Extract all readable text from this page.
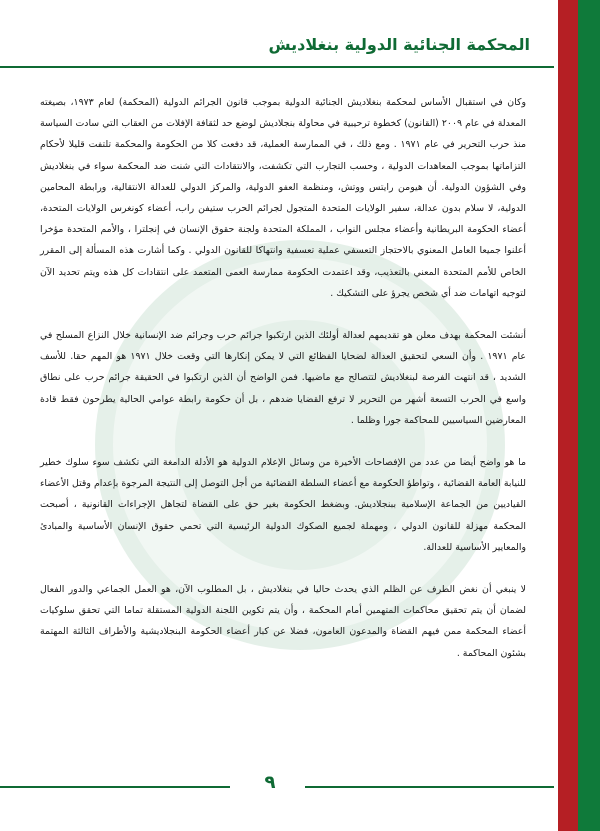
المحكمة الجنائية الدولية بنغلاديش

وكان في استقبال الأساس لمحكمة بنغلاديش الجنائية الدولية بموجب قانون الجرائم الدولية (المحكمة) لعام ١٩٧٣، بصيغته المعدلة في عام ٢٠٠٩ (القانون) كخطوة ترحيبية في محاولة بنجلاديش لوضع حد لثقافة الإفلات من العقاب التي سادت السياسة منذ حرب التحرير في عام ١٩٧١ . ومع ذلك ، في الممارسة العملية، قد دفعت كلا من الحكومة والمحكمة تلتفت قليلا لأحكام التزاماتها بموجب المعاهدات الدولية ، وحسب التجارب التي تكشفت، والانتقادات التي شنت ضد المحكمة سواء في بنغلاديش وفي الشؤون الدولية. أن هيومن رايتس ووتش، ومنظمة العفو الدولية، والمركز الدولي للعدالة الانتقالية، ورابطة المحامين الدولية، لا سلام بدون عدالة، سفير الولايات المتحدة المتجول لجرائم الحرب ستيفن راب، أعضاء كونغرس الولايات المتحدة، أعضاء الحكومة البريطانية وأعضاء مجلس النواب ، المملكة المتحدة ولجنة حقوق الإنسان في إنجلترا ، والأمم المتحدة مؤخرا أعلنوا جميعا العامل المعنوي بالاحتجاز التعسفي عملية تعسفية وانتهاكا للقانون الدولي . وكما أشارت هذه المسألة إلى المقرر الخاص للأمم المتحدة المعني بالتعذيب، وقد اعتمدت الحكومة ممارسة العمى المتعمد على انتقادات كل هذه ويتم تحديد الآن لتوجيه اتهامات ضد أي شخص يجرؤ على التشكيك .

أنشئت المحكمة بهدف معلن هو تقديمهم لعدالة أولئك الذين ارتكبوا جرائم حرب وجرائم ضد الإنسانية خلال النزاع المسلح في عام ١٩٧١ . وأن السعي لتحقيق العدالة لضحايا الفظائع التي لا يمكن إنكارها التي وقعت خلال ١٩٧١ هو المهم حقا. للأسف الشديد ، قد انتهت الفرصة لبنغلاديش لتتصالح مع ماضيها. فمن الواضح أن الذين ارتكبوا في الحقيقة جرائم حرب على نطاق واسع في الحرب التسعة أشهر من التحرير لا ترفع القضايا ضدهم ، بل أن حكومة رابطة عوامي الحالية يطرحون فقط قادة المعارضين السياسيين للمحاكمة جورا وظلما .

ما هو واضح أيضا من عدد من الإفصاحات الأخيرة من وسائل الإعلام الدولية هو الأدلة الدامغة التي تكشف سوء سلوك خطير للنيابة العامة القضائية ، وتواطؤ الحكومة مع أعضاء السلطة القضائية من أجل التوصل إلى النتيجة المرجوة بإعدام وقتل الأعضاء القياديين من الجماعة الإسلامية ببنجلاديش. وبضغط الحكومة بغير حق على القضاة لتجاهل الإجراءات القانونية ، أصبحت المحكمة مهزلة للقانون الدولي ، ومهملة لجميع الصكوك الدولية الرئيسية التي تحمي حقوق الإنسان الأساسية والمبادئ والمعايير الأساسية للعدالة.

لا ينبغي أن نغض الطرف عن الظلم الذي يحدث حاليا في بنغلاديش ، بل المطلوب الآن، هو العمل الجماعي والدور الفعال لضمان أن يتم تحقيق محاكمات المتهمين أمام المحكمة ، وأن يتم تكوين اللجنة الدولية المستقلة تماما التي تحقق سلوكيات أعضاء المحكمة ممن فيهم القضاة والمدعون العامون، فضلا عن كبار أعضاء الحكومة البنجلاديشية والأطراف الثالثة المهتمة بشئون المحاكمة .

٩
